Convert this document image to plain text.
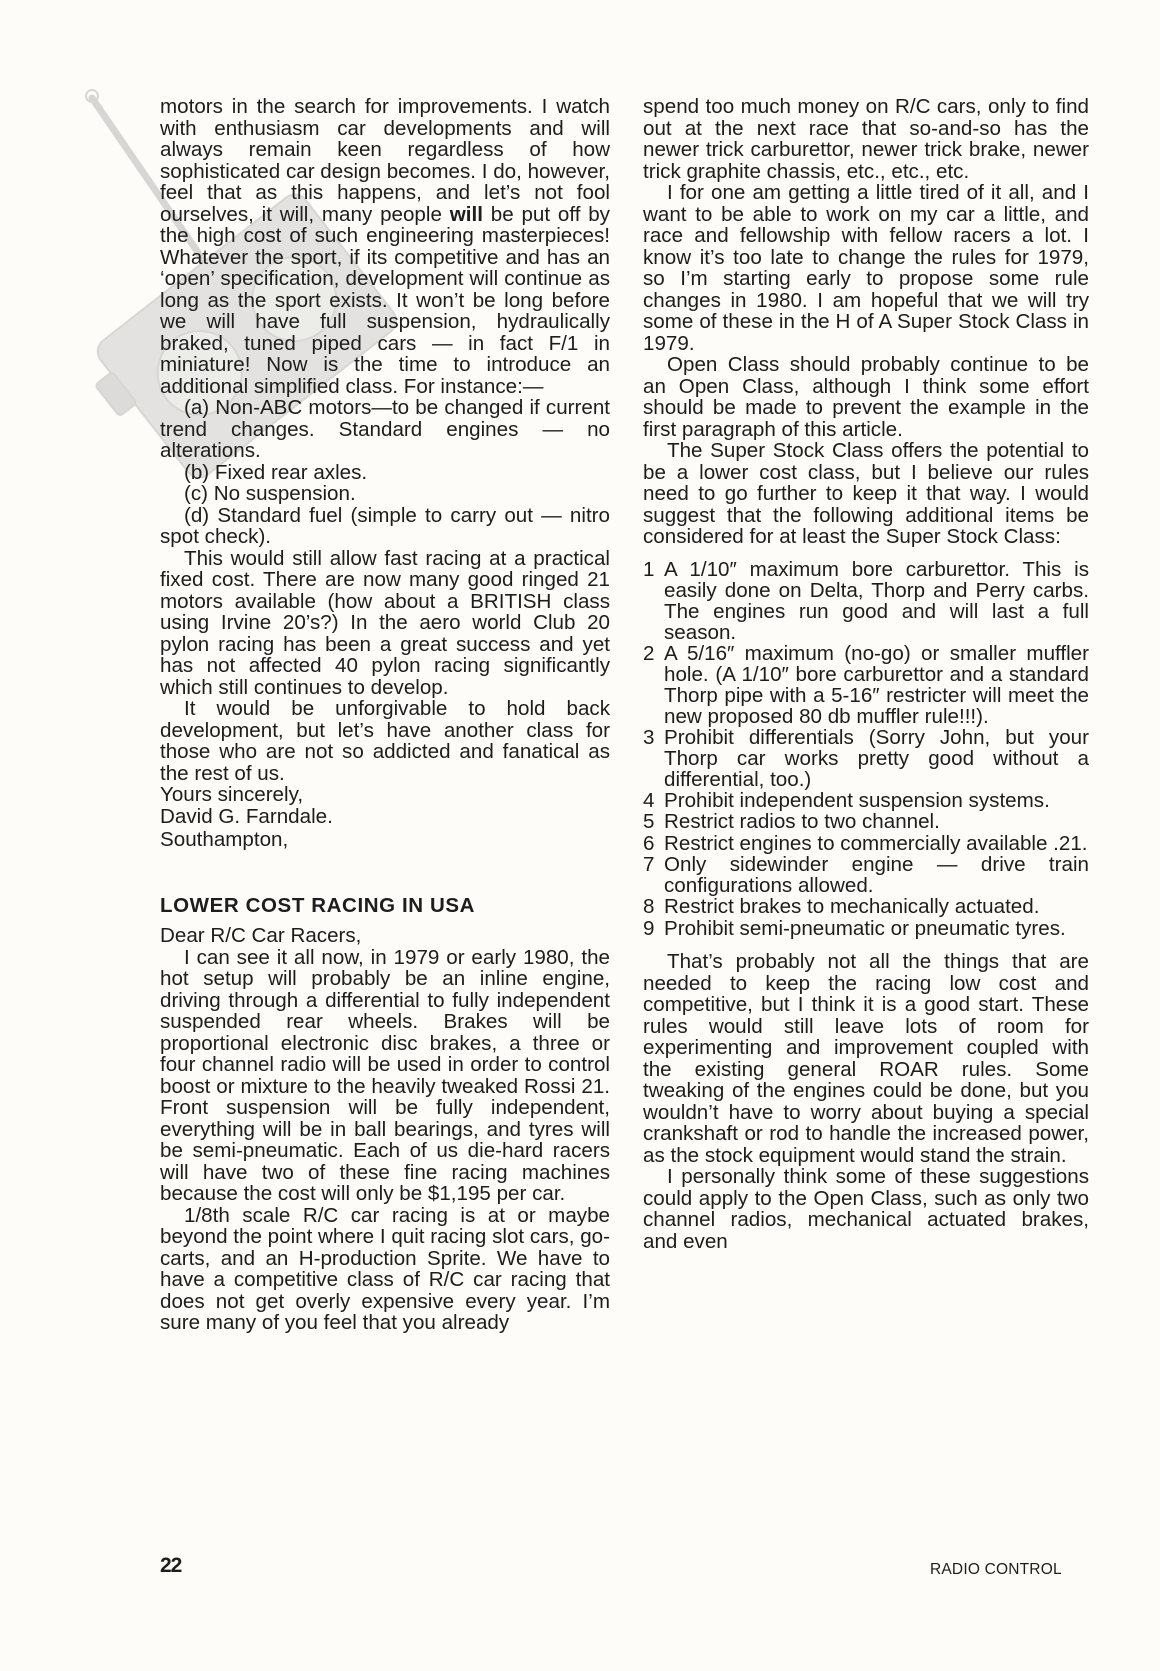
motors in the search for improvements. I watch with enthusiasm car developments and will always remain keen regardless of how sophisticated car design becomes. I do, however, feel that as this happens, and let’s not fool ourselves, it will, many people will be put off by the high cost of such engineering masterpieces! Whatever the sport, if its competitive and has an ‘open’ specification, development will continue as long as the sport exists. It won’t be long before we will have full suspension, hydraulically braked, tuned piped cars — in fact F/1 in miniature! Now is the time to introduce an additional simplified class. For instance:—

(a) Non-ABC motors—to be changed if current trend changes. Standard engines — no alterations.

(b) Fixed rear axles.

(c) No suspension.

(d) Standard fuel (simple to carry out — nitro spot check).

This would still allow fast racing at a practical fixed cost. There are now many good ringed 21 motors available (how about a BRITISH class using Irvine 20’s?) In the aero world Club 20 pylon racing has been a great success and yet has not affected 40 pylon racing significantly which still continues to develop.

It would be unforgivable to hold back development, but let’s have another class for those who are not so addicted and fanatical as the rest of us.

Yours sincerely,

David G. Farndale.

Southampton,

LOWER COST RACING IN USA

Dear R/C Car Racers,

I can see it all now, in 1979 or early 1980, the hot setup will probably be an inline engine, driving through a differential to fully independent suspended rear wheels. Brakes will be proportional electronic disc brakes, a three or four channel radio will be used in order to control boost or mixture to the heavily tweaked Rossi 21. Front suspension will be fully independent, everything will be in ball bearings, and tyres will be semi-pneumatic. Each of us die-hard racers will have two of these fine racing machines because the cost will only be $1,195 per car.

1/8th scale R/C car racing is at or maybe beyond the point where I quit racing slot cars, go-carts, and an H-production Sprite. We have to have a competitive class of R/C car racing that does not get overly expensive every year. I’m sure many of you feel that you already

spend too much money on R/C cars, only to find out at the next race that so-and-so has the newer trick carburettor, newer trick brake, newer trick graphite chassis, etc., etc., etc.

I for one am getting a little tired of it all, and I want to be able to work on my car a little, and race and fellowship with fellow racers a lot. I know it’s too late to change the rules for 1979, so I’m starting early to propose some rule changes in 1980. I am hopeful that we will try some of these in the H of A Super Stock Class in 1979.

Open Class should probably continue to be an Open Class, although I think some effort should be made to prevent the example in the first paragraph of this article.

The Super Stock Class offers the potential to be a lower cost class, but I believe our rules need to go further to keep it that way. I would suggest that the following additional items be considered for at least the Super Stock Class:

1 A 1/10″ maximum bore carburettor. This is easily done on Delta, Thorp and Perry carbs. The engines run good and will last a full season.
2 A 5/16″ maximum (no-go) or smaller muffler hole. (A 1/10″ bore carburettor and a standard Thorp pipe with a 5-16″ restricter will meet the new proposed 80 db muffler rule!!!).
3 Prohibit differentials (Sorry John, but your Thorp car works pretty good without a differential, too.)
4 Prohibit independent suspension systems.
5 Restrict radios to two channel.
6 Restrict engines to commercially available .21.
7 Only sidewinder engine — drive train configurations allowed.
8 Restrict brakes to mechanically actuated.
9 Prohibit semi-pneumatic or pneumatic tyres.

That’s probably not all the things that are needed to keep the racing low cost and competitive, but I think it is a good start. These rules would still leave lots of room for experimenting and improvement coupled with the existing general ROAR rules. Some tweaking of the engines could be done, but you wouldn’t have to worry about buying a special crankshaft or rod to handle the increased power, as the stock equipment would stand the strain.

I personally think some of these suggestions could apply to the Open Class, such as only two channel radios, mechanical actuated brakes, and even

22	RADIO CONTROL
